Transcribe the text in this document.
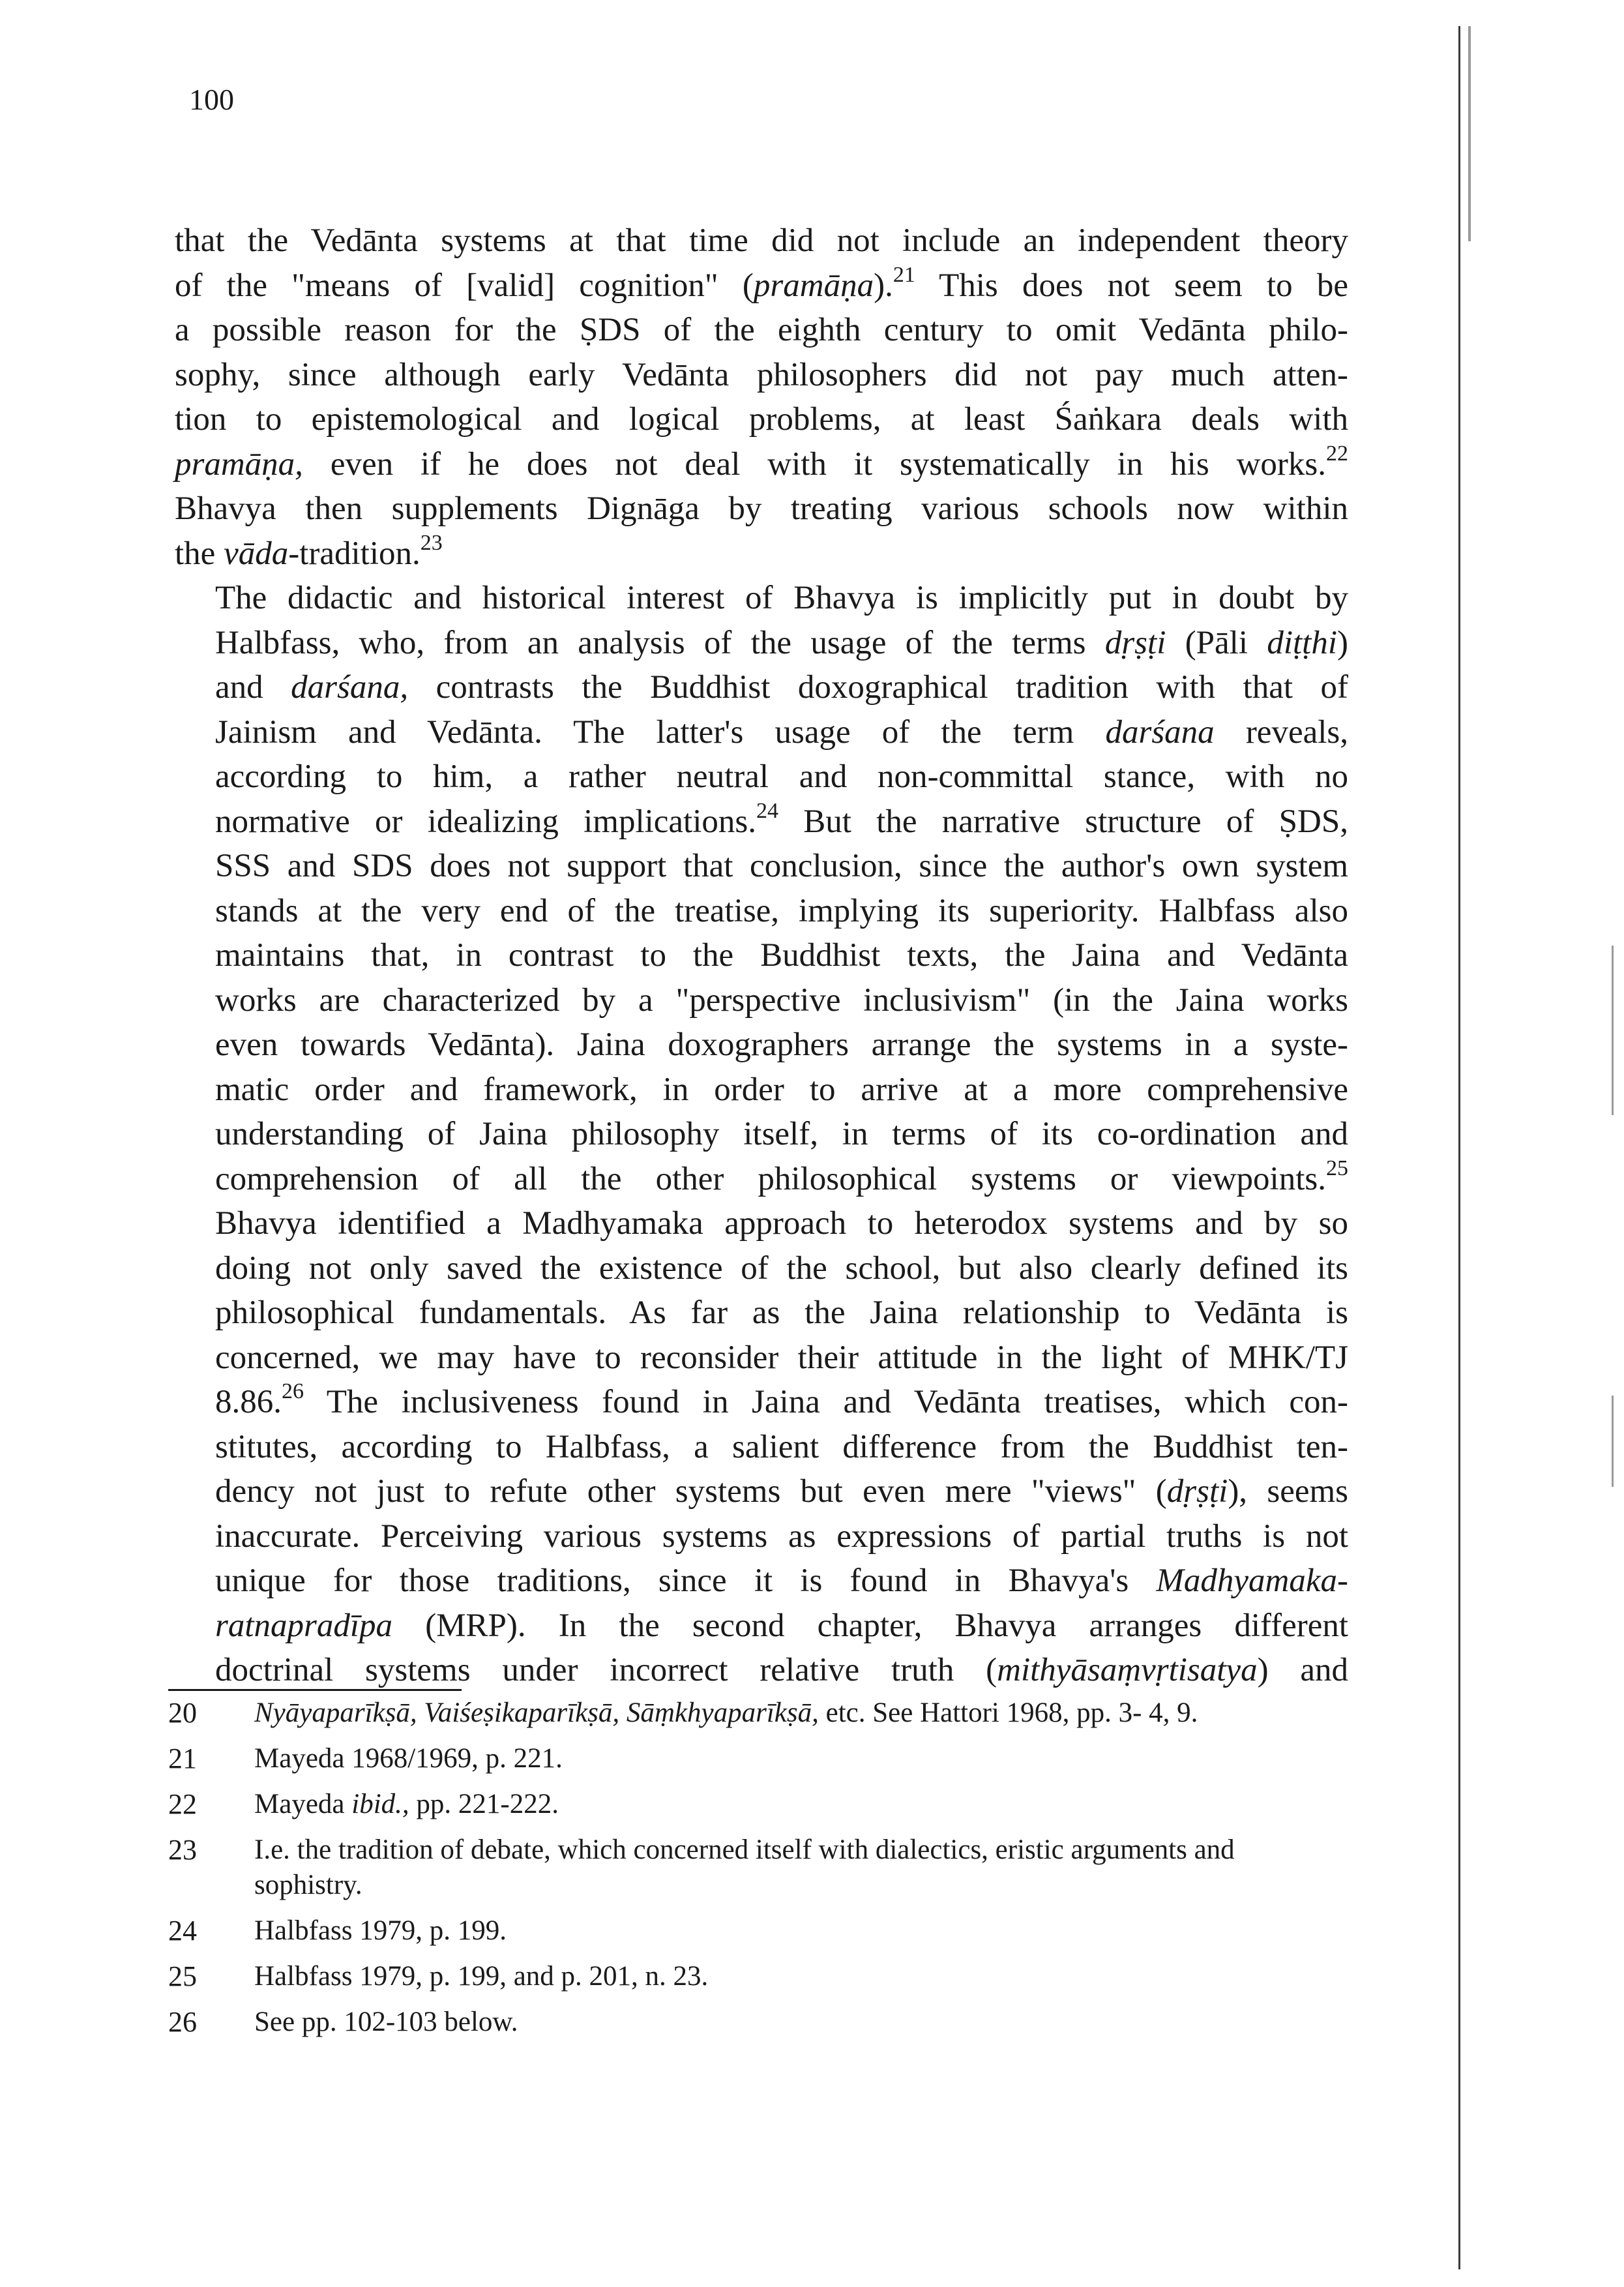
100

that the Vedānta systems at that time did not include an independent theory
of the "means of [valid] cognition" (pramāṇa).$^{21}$ This does not seem to be
a possible reason for the ṢDS of the eighth century to omit Vedānta philo-
sophy, since although early Vedānta philosophers did not pay much atten-
tion to epistemological and logical problems, at least Śaṅkara deals with
pramāṇa, even if he does not deal with it systematically in his works.$^{22}$
Bhavya then supplements Dignāga by treating various schools now within
the vāda-tradition.$^{23}$

The didactic and historical interest of Bhavya is implicitly put in doubt by
Halbfass, who, from an analysis of the usage of the terms dṛṣṭi (Pāli diṭṭhi)
and darśana, contrasts the Buddhist doxographical tradition with that of
Jainism and Vedānta. The latter's usage of the term darśana reveals,
according to him, a rather neutral and non-committal stance, with no
normative or idealizing implications.$^{24}$ But the narrative structure of ṢDS,
SSS and SDS does not support that conclusion, since the author's own system
stands at the very end of the treatise, implying its superiority. Halbfass also
maintains that, in contrast to the Buddhist texts, the Jaina and Vedānta
works are characterized by a "perspective inclusivism" (in the Jaina works
even towards Vedānta). Jaina doxographers arrange the systems in a syste-
matic order and framework, in order to arrive at a more comprehensive
understanding of Jaina philosophy itself, in terms of its co-ordination and
comprehension of all the other philosophical systems or viewpoints.$^{25}$
Bhavya identified a Madhyamaka approach to heterodox systems and by so
doing not only saved the existence of the school, but also clearly defined its
philosophical fundamentals. As far as the Jaina relationship to Vedānta is
concerned, we may have to reconsider their attitude in the light of MHK/TJ
8.86.26 The inclusiveness found in Jaina and Vedānta treatises, which con-
stitutes, according to Halbfass, a salient difference from the Buddhist ten-
dency not just to refute other systems but even mere "views" (dṛṣṭi), seems
inaccurate. Perceiving various systems as expressions of partial truths is not
unique for those traditions, since it is found in Bhavya's Madhyamaka-
ratnapradīpa (MRP). In the second chapter, Bhavya arranges different
doctrinal systems under incorrect relative truth (mithyāsaṃvṛtisatya) and

20	Nyāyaparīkṣā, Vaiśeṣikaparīkṣā, Sāṃkhyaparīkṣā, etc. See Hattori 1968, pp. 3- 4, 9.
21	Mayeda 1968/1969, p. 221.
22	Mayeda ibid., pp. 221-222.
23	I.e. the tradition of debate, which concerned itself with dialectics, eristic arguments and sophistry.
24	Halbfass 1979, p. 199.
25	Halbfass 1979, p. 199, and p. 201, n. 23.
26	See pp. 102-103 below.
